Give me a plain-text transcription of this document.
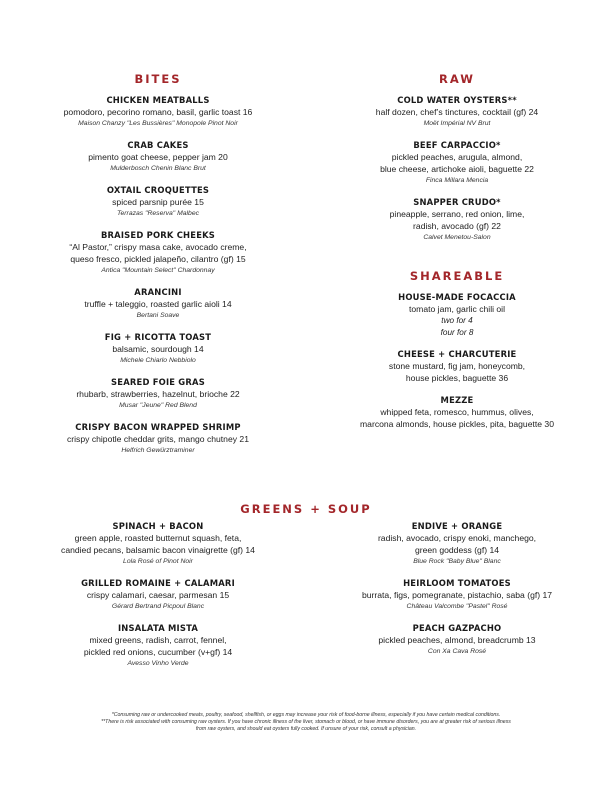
BITES
CHICKEN MEATBALLS
pomodoro, pecorino romano, basil, garlic toast 16
Maison Chanzy "Les Bussières" Monopole Pinot Noir
CRAB CAKES
pimento goat cheese, pepper jam 20
Mulderbosch Chenin Blanc Brut
OXTAIL CROQUETTES
spiced parsnip purée 15
Terrazas "Reserva" Malbec
BRAISED PORK CHEEKS
“Al Pastor,” crispy masa cake, avocado creme,
queso fresco, pickled jalapeño, cilantro (gf) 15
Antica "Mountain Select" Chardonnay
ARANCINI
truffle + taleggio, roasted garlic aioli 14
Bertani Soave
FIG + RICOTTA TOAST
balsamic, sourdough 14
Michele Chiarlo Nebbiolo
SEARED FOIE GRAS
rhubarb, strawberries, hazelnut, brioche 22
Musar "Jeune" Red Blend
CRISPY BACON WRAPPED SHRIMP
crispy chipotle cheddar grits, mango chutney 21
Helfrich Gewürztraminer
RAW
COLD WATER OYSTERS**
half dozen, chef’s tinctures, cocktail (gf) 24
Moët Impérial NV Brut
BEEF CARPACCIO*
pickled peaches, arugula, almond,
blue cheese, artichoke aioli, baguette 22
Finca Millara Mencia
SNAPPER CRUDO*
pineapple, serrano, red onion, lime,
radish, avocado (gf) 22
Calvet Menetou-Salon
SHAREABLE
HOUSE-MADE FOCACCIA
tomato jam, garlic chili oil
two for 4
four for 8
CHEESE + CHARCUTERIE
stone mustard, fig jam, honeycomb,
house pickles, baguette 36
MEZZE
whipped feta, romesco, hummus, olives,
marcona almonds, house pickles, pita, baguette 30
GREENS + SOUP
SPINACH + BACON
green apple, roasted butternut squash, feta,
candied pecans, balsamic bacon vinaigrette (gf) 14
Lola Rosé of Pinot Noir
GRILLED ROMAINE + CALAMARI
crispy calamari, caesar, parmesan 15
Gérard Bertrand Picpoul Blanc
INSALATA MISTA
mixed greens, radish, carrot, fennel,
pickled red onions, cucumber (v+gf) 14
Avesso Vinho Verde
ENDIVE + ORANGE
radish, avocado, crispy enoki, manchego,
green goddess (gf) 14
Blue Rock "Baby Blue" Blanc
HEIRLOOM TOMATOES
burrata, figs, pomegranate, pistachio, saba (gf) 17
Château Valcombe "Pastel" Rosé
PEACH GAZPACHO
pickled peaches, almond, breadcrumb 13
Con Xa Cava Rosé
*Consuming raw or undercooked meats, poultry, seafood, shellfish, or eggs may increase your risk of food-borne illness, especially if you have certain medical conditions.
**There is risk associated with consuming raw oysters. If you have chronic illness of the liver, stomach or blood, or have immune disorders, you are at greater risk of serious illness
from raw oysters, and should eat oysters fully cooked. If unsure of your risk, consult a physician.
